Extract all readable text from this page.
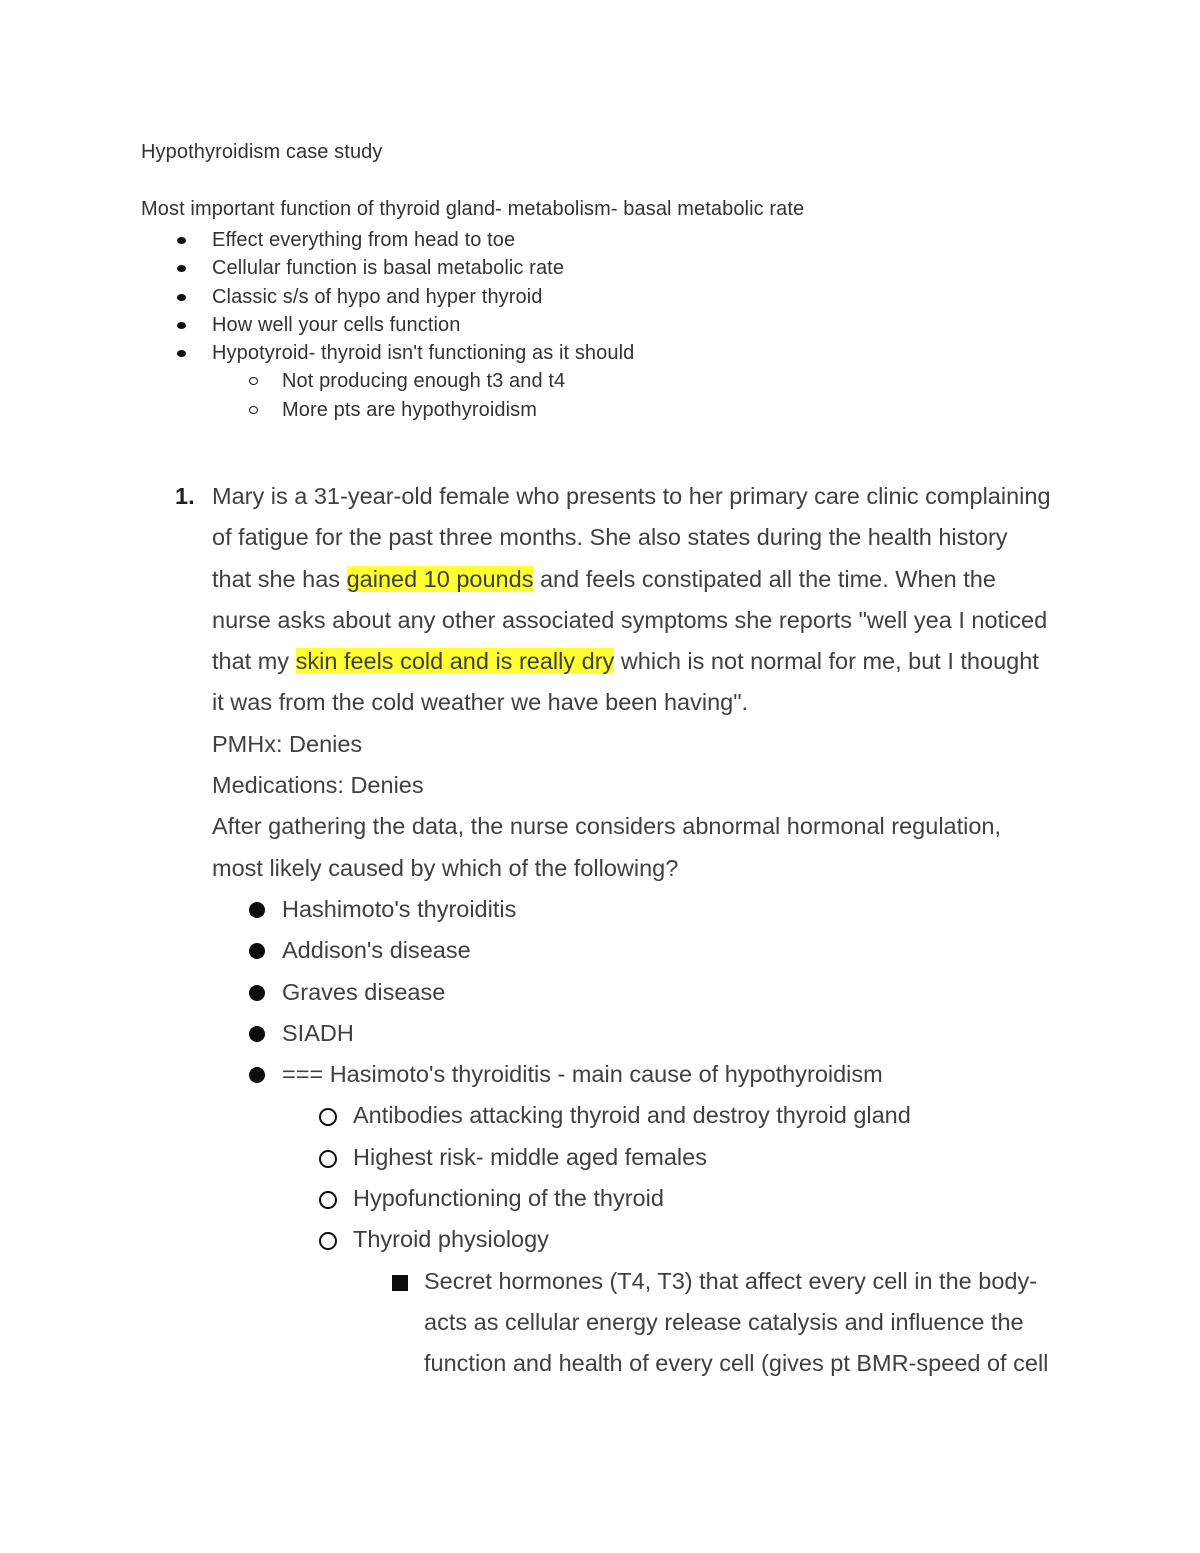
Hypothyroidism case study
Most important function of thyroid gland- metabolism- basal metabolic rate
Effect everything from head to toe
Cellular function is basal metabolic rate
Classic s/s of hypo and hyper thyroid
How well your cells function
Hypotyroid- thyroid isn't functioning as it should
Not producing enough t3 and t4
More pts are hypothyroidism
1. Mary is a 31-year-old female who presents to her primary care clinic complaining
of fatigue for the past three months. She also states during the health history
that she has gained 10 pounds and feels constipated all the time. When the
nurse asks about any other associated symptoms she reports "well yea I noticed
that my skin feels cold and is really dry which is not normal for me, but I thought
it was from the cold weather we have been having".
PMHx: Denies
Medications: Denies
After gathering the data, the nurse considers abnormal hormonal regulation,
most likely caused by which of the following?
Hashimoto's thyroiditis
Addison's disease
Graves disease
SIADH
=== Hasimoto's thyroiditis - main cause of hypothyroidism
Antibodies attacking thyroid and destroy thyroid gland
Highest risk- middle aged females
Hypofunctioning of the thyroid
Thyroid physiology
Secret hormones (T4, T3) that affect every cell in the body-
acts as cellular energy release catalysis and influence the
function and health of every cell (gives pt BMR-speed of cell
